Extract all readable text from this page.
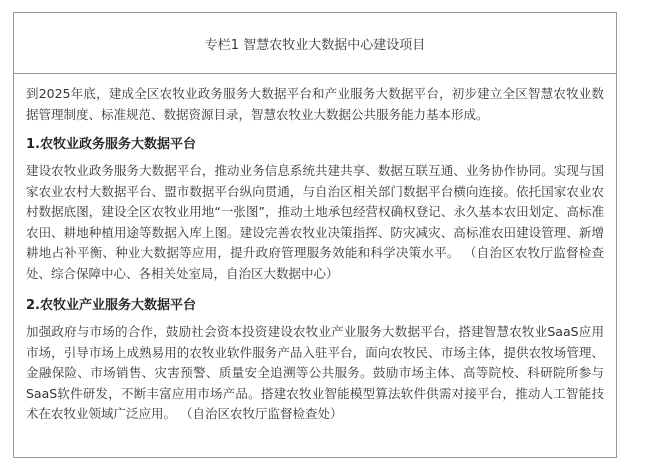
专栏1 智慧农牧业大数据中心建设项目

到2025年底，建成全区农牧业政务服务大数据平台和产业服务大数据平台，初步建立全区智慧农牧业数据管理制度、标准规范、数据资源目录，智慧农牧业大数据公共服务能力基本形成。

1.农牧业政务服务大数据平台

建设农牧业政务服务大数据平台，推动业务信息系统共建共享、数据互联互通、业务协作协同。实现与国家农业农村大数据平台、盟市数据平台纵向贯通，与自治区相关部门数据平台横向连接。依托国家农业农村数据底图，建设全区农牧业用地“一张图”，推动土地承包经营权确权登记、永久基本农田划定、高标准农田、耕地种植用途等数据入库上图。建设完善农牧业决策指挥、防灾减灾、高标准农田建设管理、新增耕地占补平衡、种业大数据等应用，提升政府管理服务效能和科学决策水平。 （自治区农牧厅监督检查处、综合保障中心、各相关处室局，自治区大数据中心）

2.农牧业产业服务大数据平台

加强政府与市场的合作，鼓励社会资本投资建设农牧业产业服务大数据平台，搭建智慧农牧业SaaS应用市场，引导市场上成熟易用的农牧业软件服务产品入驻平台，面向农牧民、市场主体，提供农牧场管理、金融保险、市场销售、灾害预警、质量安全追溯等公共服务。鼓励市场主体、高等院校、科研院所参与SaaS软件研发，不断丰富应用市场产品。搭建农牧业智能模型算法软件供需对接平台，推动人工智能技术在农牧业领域广泛应用。 （自治区农牧厅监督检查处）
